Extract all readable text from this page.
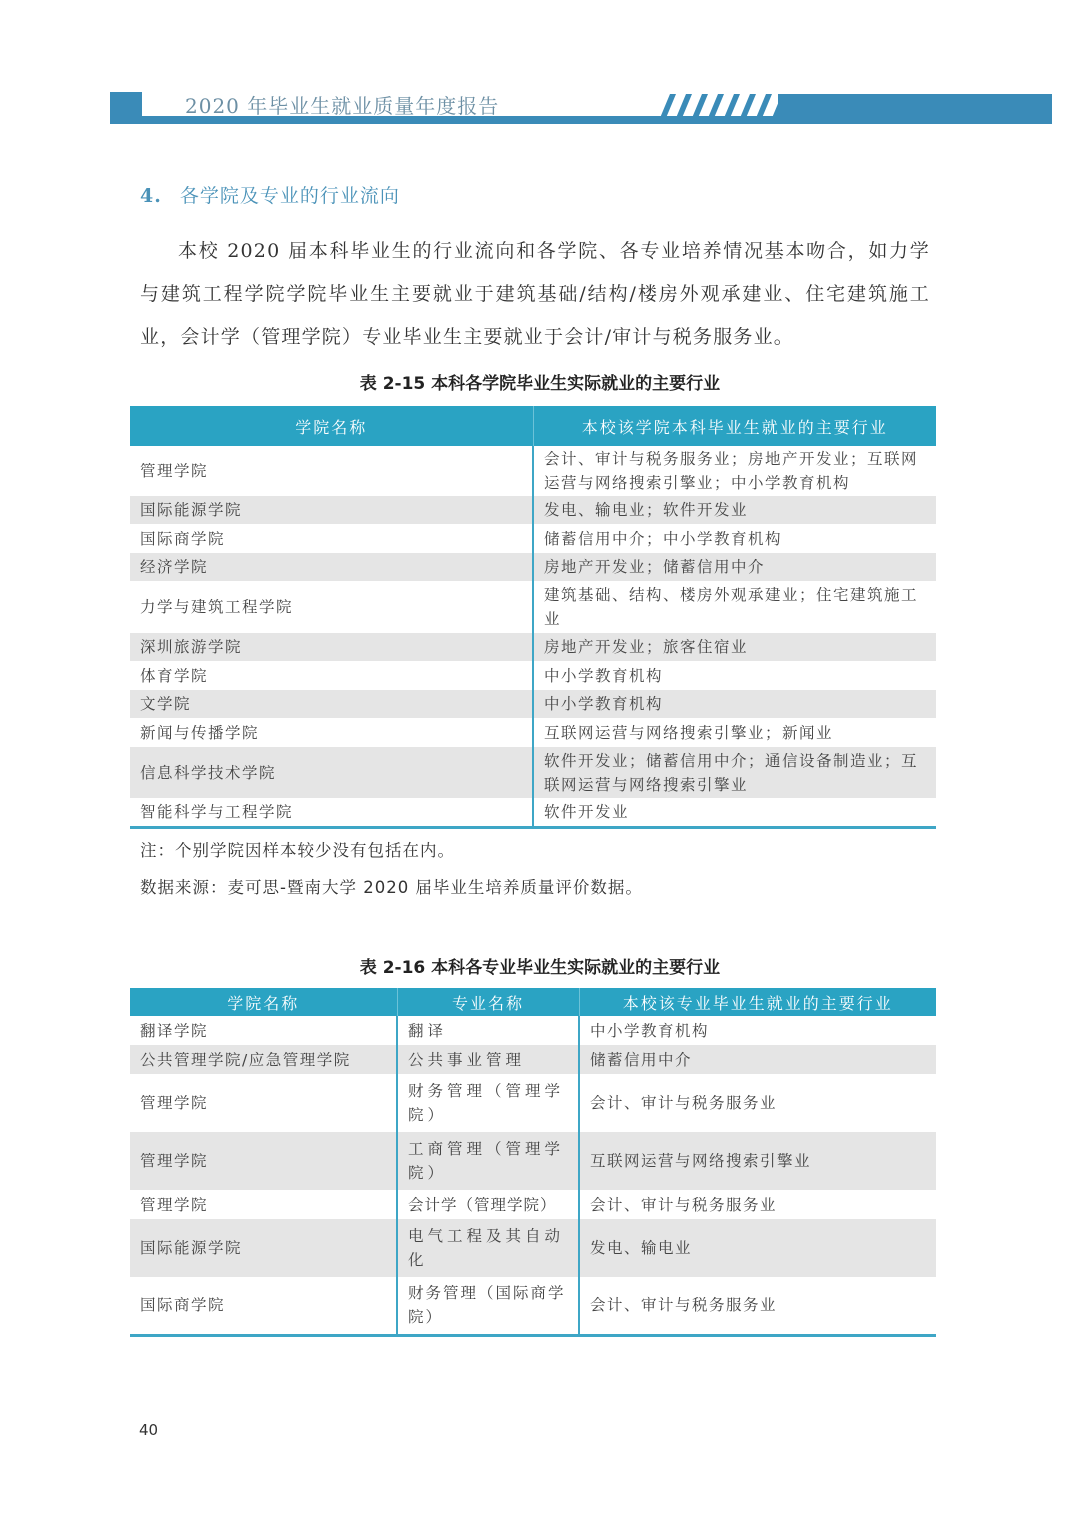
2020 年毕业生就业质量年度报告
4. 各学院及专业的行业流向
本校 2020 届本科毕业生的行业流向和各学院、各专业培养情况基本吻合，如力学与建筑工程学院学院毕业生主要就业于建筑基础/结构/楼房外观承建业、住宅建筑施工业，会计学（管理学院）专业毕业生主要就业于会计/审计与税务服务业。
表 2-15 本科各学院毕业生实际就业的主要行业
学院名称	本校该学院本科毕业生就业的主要行业
管理学院	会计、审计与税务服务业；房地产开发业；互联网运营与网络搜索引擎业；中小学教育机构
国际能源学院	发电、输电业；软件开发业
国际商学院	储蓄信用中介；中小学教育机构
经济学院	房地产开发业；储蓄信用中介
力学与建筑工程学院	建筑基础、结构、楼房外观承建业；住宅建筑施工业
深圳旅游学院	房地产开发业；旅客住宿业
体育学院	中小学教育机构
文学院	中小学教育机构
新闻与传播学院	互联网运营与网络搜索引擎业；新闻业
信息科学技术学院	软件开发业；储蓄信用中介；通信设备制造业；互联网运营与网络搜索引擎业
智能科学与工程学院	软件开发业
注：个别学院因样本较少没有包括在内。
数据来源：麦可思-暨南大学 2020 届毕业生培养质量评价数据。
表 2-16 本科各专业毕业生实际就业的主要行业
学院名称	专业名称	本校该专业毕业生就业的主要行业
翻译学院	翻译	中小学教育机构
公共管理学院/应急管理学院	公共事业管理	储蓄信用中介
管理学院	财务管理（管理学院）	会计、审计与税务服务业
管理学院	工商管理（管理学院）	互联网运营与网络搜索引擎业
管理学院	会计学（管理学院）	会计、审计与税务服务业
国际能源学院	电气工程及其自动化	发电、输电业
国际商学院	财务管理（国际商学院）	会计、审计与税务服务业
40
